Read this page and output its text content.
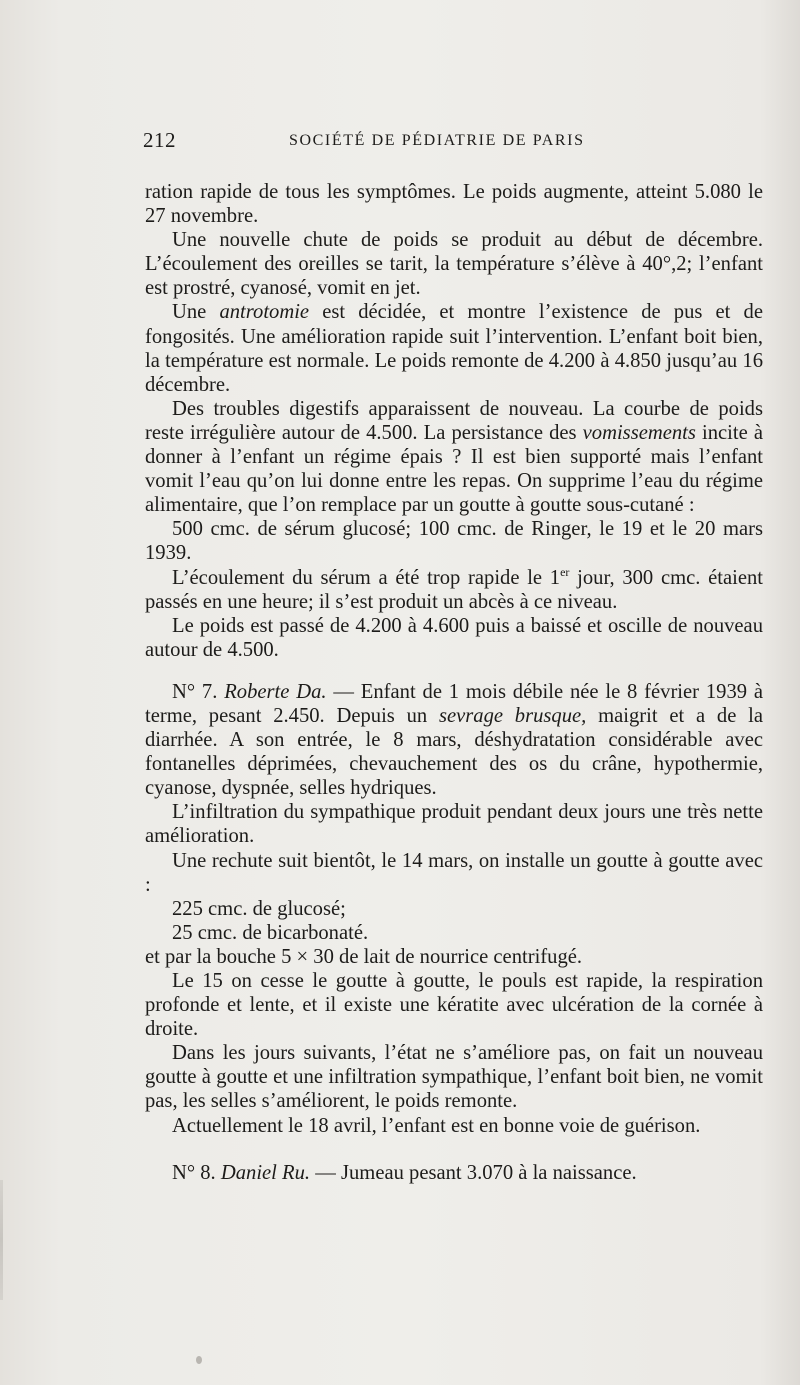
212	SOCIÉTÉ DE PÉDIATRIE DE PARIS

ration rapide de tous les symptômes. Le poids augmente, atteint 5.080 le 27 novembre.

Une nouvelle chute de poids se produit au début de décembre. L’écoulement des oreilles se tarit, la température s’élève à 40°,2; l’enfant est prostré, cyanosé, vomit en jet.

Une antrotomie est décidée, et montre l’existence de pus et de fongosités. Une amélioration rapide suit l’intervention. L’enfant boit bien, la température est normale. Le poids remonte de 4.200 à 4.850 jusqu’au 16 décembre.

Des troubles digestifs apparaissent de nouveau. La courbe de poids reste irrégulière autour de 4.500. La persistance des vomissements incite à donner à l’enfant un régime épais ? Il est bien supporté mais l’enfant vomit l’eau qu’on lui donne entre les repas. On supprime l’eau du régime alimentaire, que l’on remplace par un goutte à goutte sous-cutané :

500 cmc. de sérum glucosé; 100 cmc. de Ringer, le 19 et le 20 mars 1939.

L’écoulement du sérum a été trop rapide le 1er jour, 300 cmc. étaient passés en une heure; il s’est produit un abcès à ce niveau.

Le poids est passé de 4.200 à 4.600 puis a baissé et oscille de nouveau autour de 4.500.

N° 7. Roberte Da. — Enfant de 1 mois débile née le 8 février 1939 à terme, pesant 2.450. Depuis un sevrage brusque, maigrit et a de la diarrhée. A son entrée, le 8 mars, déshydratation considérable avec fontanelles déprimées, chevauchement des os du crâne, hypothermie, cyanose, dyspnée, selles hydriques.

L’infiltration du sympathique produit pendant deux jours une très nette amélioration.

Une rechute suit bientôt, le 14 mars, on installe un goutte à goutte avec :

225 cmc. de glucosé;

25 cmc. de bicarbonaté.

et par la bouche 5 × 30 de lait de nourrice centrifugé.

Le 15 on cesse le goutte à goutte, le pouls est rapide, la respiration profonde et lente, et il existe une kératite avec ulcération de la cornée à droite.

Dans les jours suivants, l’état ne s’améliore pas, on fait un nouveau goutte à goutte et une infiltration sympathique, l’enfant boit bien, ne vomit pas, les selles s’améliorent, le poids remonte.

Actuellement le 18 avril, l’enfant est en bonne voie de guérison.

N° 8. Daniel Ru. — Jumeau pesant 3.070 à la naissance.
